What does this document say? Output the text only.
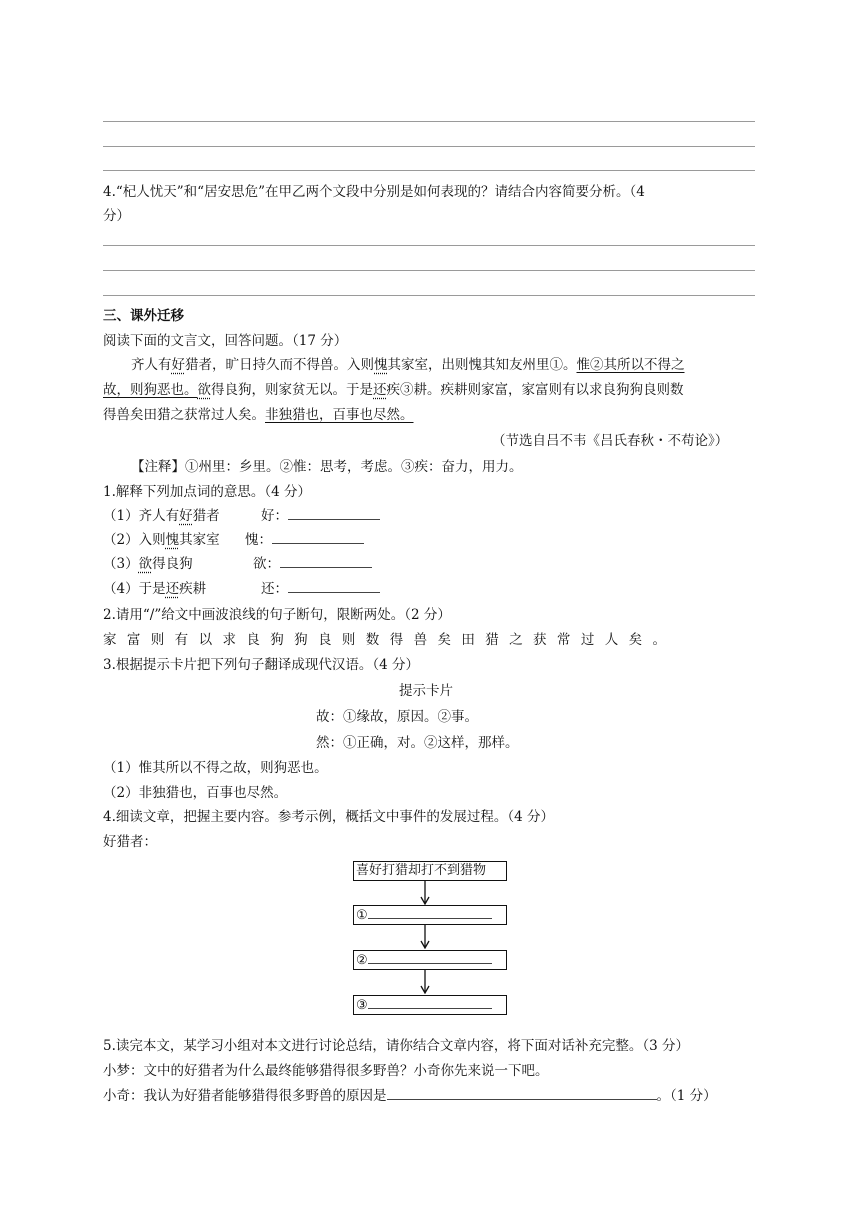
4.“杞人忧天”和“居安思危”在甲乙两个文段中分别是如何表现的？请结合内容简要分析。（4
分）
三、课外迁移
阅读下面的文言文，回答问题。（17 分）
齐人有好猎者，旷日持久而不得兽。入则愧其家室，出则愧其知友州里①。惟②其所以不得之
故，则狗恶也。欲得良狗，则家贫无以。于是还疾③耕。疾耕则家富，家富则有以求良狗狗良则数
得兽矣田猎之获常过人矣。非独猎也，百事也尽然。
（节选自吕不韦《吕氏春秋・不苟论》）
【注释】①州里：乡里。②惟：思考，考虑。③疾：奋力，用力。
1.解释下列加点词的意思。（4 分）
（1）齐人有好猎者	好：
（2）入则愧其家室 愧：
（3）欲得良狗	欲：
（4）于是还疾耕	还：
2.请用“/”给文中画波浪线的句子断句，限断两处。（2 分）
家 富 则 有 以 求 良 狗 狗 良 则 数 得 兽 矣 田 猎 之 获 常 过 人 矣 。
3.根据提示卡片把下列句子翻译成现代汉语。（4 分）
提示卡片
故：①缘故，原因。②事。
然：①正确，对。②这样，那样。
（1）惟其所以不得之故，则狗恶也。
（2）非独猎也，百事也尽然。
4.细读文章，把握主要内容。参考示例，概括文中事件的发展过程。（4 分）
好猎者：
喜好打猎却打不到猎物
①
②
③
5.读完本文，某学习小组对本文进行讨论总结，请你结合文章内容，将下面对话补充完整。（3 分）
小梦：文中的好猎者为什么最终能够猎得很多野兽？小奇你先来说一下吧。
小奇：我认为好猎者能够猎得很多野兽的原因是	。（1 分）
